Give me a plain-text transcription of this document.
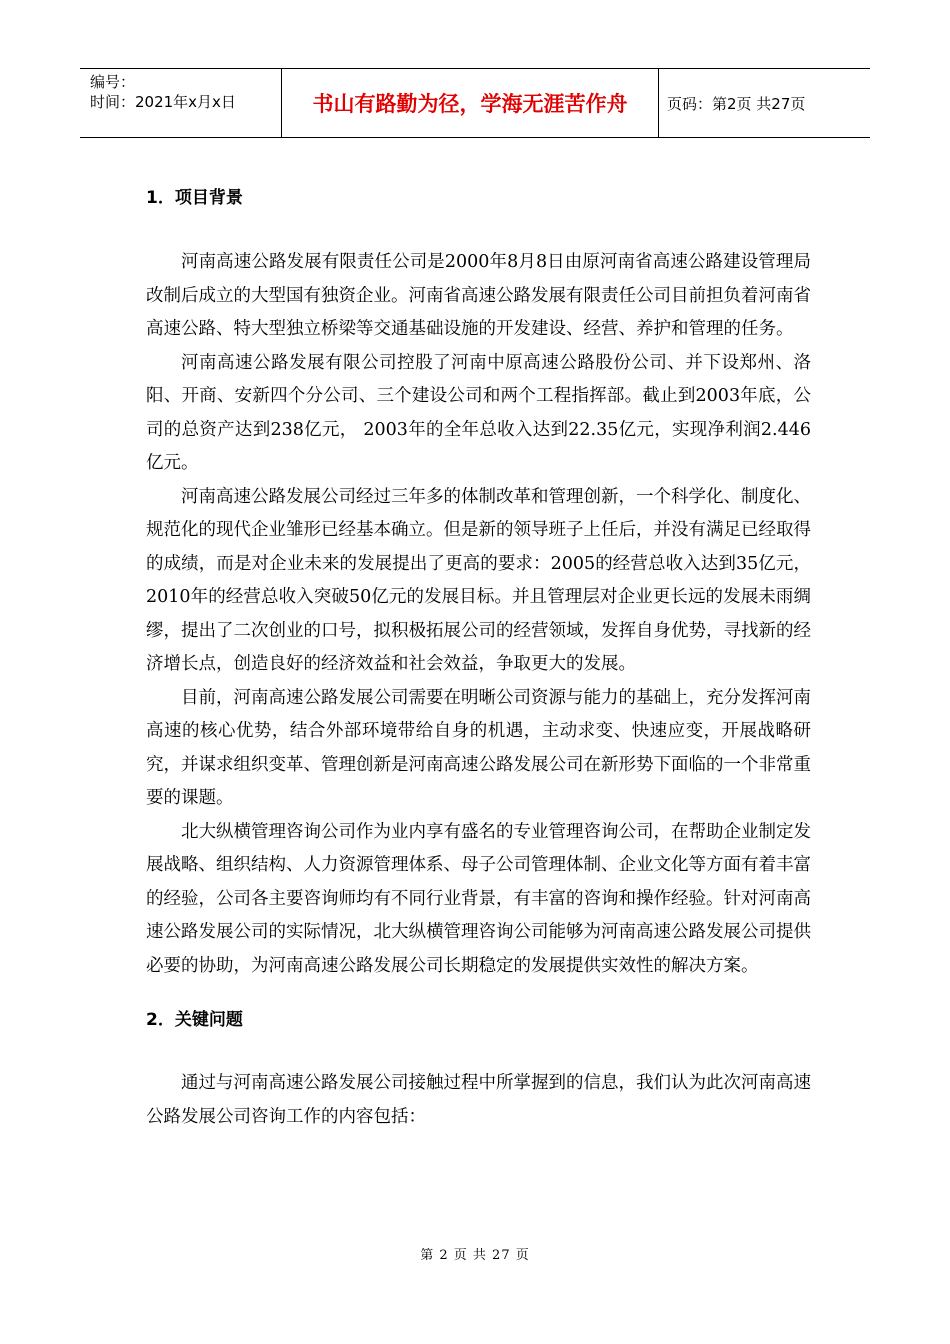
编号：
时间：2021年x月x日	书山有路勤为径，学海无涯苦作舟	页码：第2页 共27页
1．项目背景

河南高速公路发展有限责任公司是2000年8月8日由原河南省高速公路建设管理局改制后成立的大型国有独资企业。河南省高速公路发展有限责任公司目前担负着河南省高速公路、特大型独立桥梁等交通基础设施的开发建设、经营、养护和管理的任务。

河南高速公路发展有限公司控股了河南中原高速公路股份公司、并下设郑州、洛阳、开商、安新四个分公司、三个建设公司和两个工程指挥部。截止到2003年底，公司的总资产达到238亿元， 2003年的全年总收入达到22.35亿元，实现净利润2.446亿元。

河南高速公路发展公司经过三年多的体制改革和管理创新，一个科学化、制度化、规范化的现代企业雏形已经基本确立。但是新的领导班子上任后，并没有满足已经取得的成绩，而是对企业未来的发展提出了更高的要求：2005的经营总收入达到35亿元，2010年的经营总收入突破50亿元的发展目标。并且管理层对企业更长远的发展未雨绸缪，提出了二次创业的口号，拟积极拓展公司的经营领域，发挥自身优势，寻找新的经济增长点，创造良好的经济效益和社会效益，争取更大的发展。

目前，河南高速公路发展公司需要在明晰公司资源与能力的基础上，充分发挥河南高速的核心优势，结合外部环境带给自身的机遇，主动求变、快速应变，开展战略研究，并谋求组织变革、管理创新是河南高速公路发展公司在新形势下面临的一个非常重要的课题。

北大纵横管理咨询公司作为业内享有盛名的专业管理咨询公司，在帮助企业制定发展战略、组织结构、人力资源管理体系、母子公司管理体制、企业文化等方面有着丰富的经验，公司各主要咨询师均有不同行业背景，有丰富的咨询和操作经验。针对河南高速公路发展公司的实际情况，北大纵横管理咨询公司能够为河南高速公路发展公司提供必要的协助，为河南高速公路发展公司长期稳定的发展提供实效性的解决方案。

2．关键问题

通过与河南高速公路发展公司接触过程中所掌握到的信息，我们认为此次河南高速公路发展公司咨询工作的内容包括：

第 2 页 共 27 页
